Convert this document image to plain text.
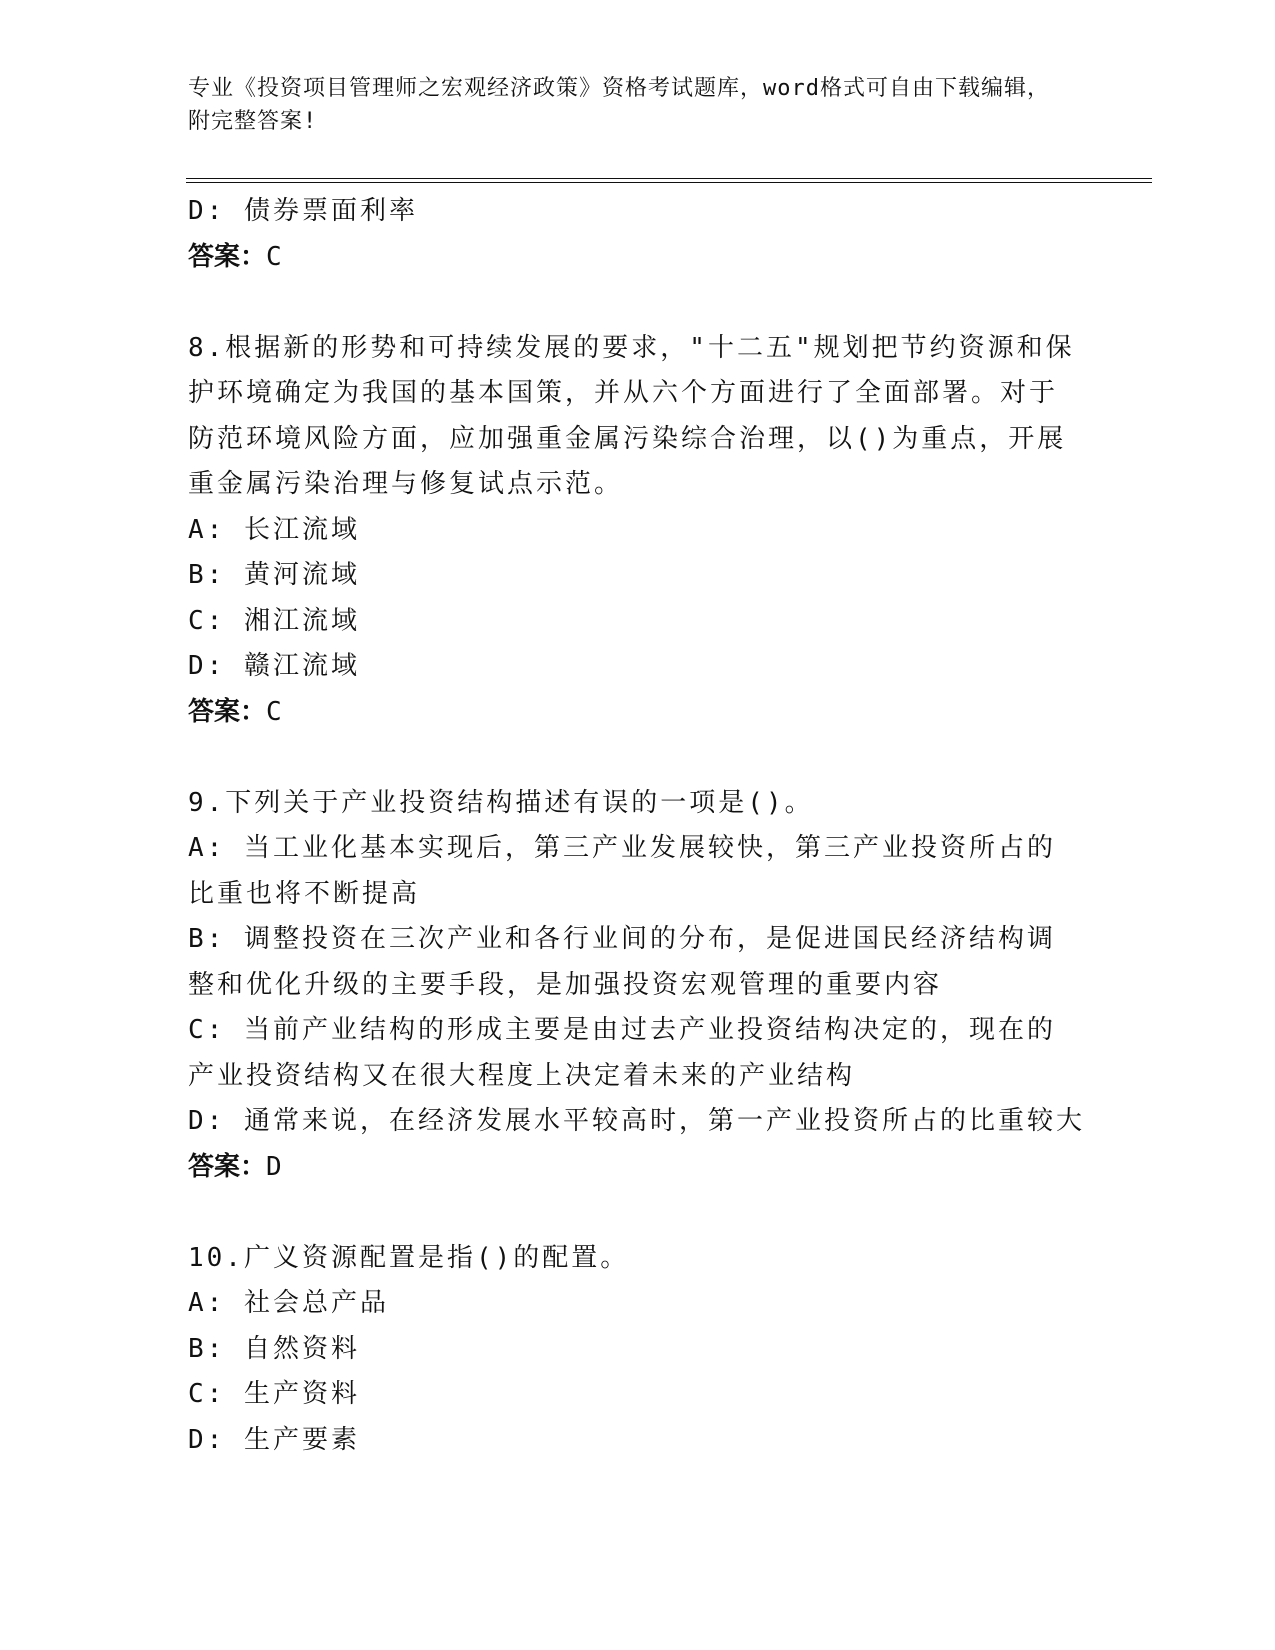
专业《投资项目管理师之宏观经济政策》资格考试题库，word格式可自由下载编辑，附完整答案!
D: 债券票面利率
答案：C
8.根据新的形势和可持续发展的要求，"十二五"规划把节约资源和保护环境确定为我国的基本国策，并从六个方面进行了全面部署。对于防范环境风险方面，应加强重金属污染综合治理，以()为重点，开展重金属污染治理与修复试点示范。
A: 长江流域
B: 黄河流域
C: 湘江流域
D: 赣江流域
答案：C
9.下列关于产业投资结构描述有误的一项是()。
A: 当工业化基本实现后，第三产业发展较快，第三产业投资所占的比重也将不断提高
B: 调整投资在三次产业和各行业间的分布，是促进国民经济结构调整和优化升级的主要手段，是加强投资宏观管理的重要内容
C: 当前产业结构的形成主要是由过去产业投资结构决定的，现在的产业投资结构又在很大程度上决定着未来的产业结构
D: 通常来说，在经济发展水平较高时，第一产业投资所占的比重较大
答案：D
10.广义资源配置是指()的配置。
A: 社会总产品
B: 自然资料
C: 生产资料
D: 生产要素
